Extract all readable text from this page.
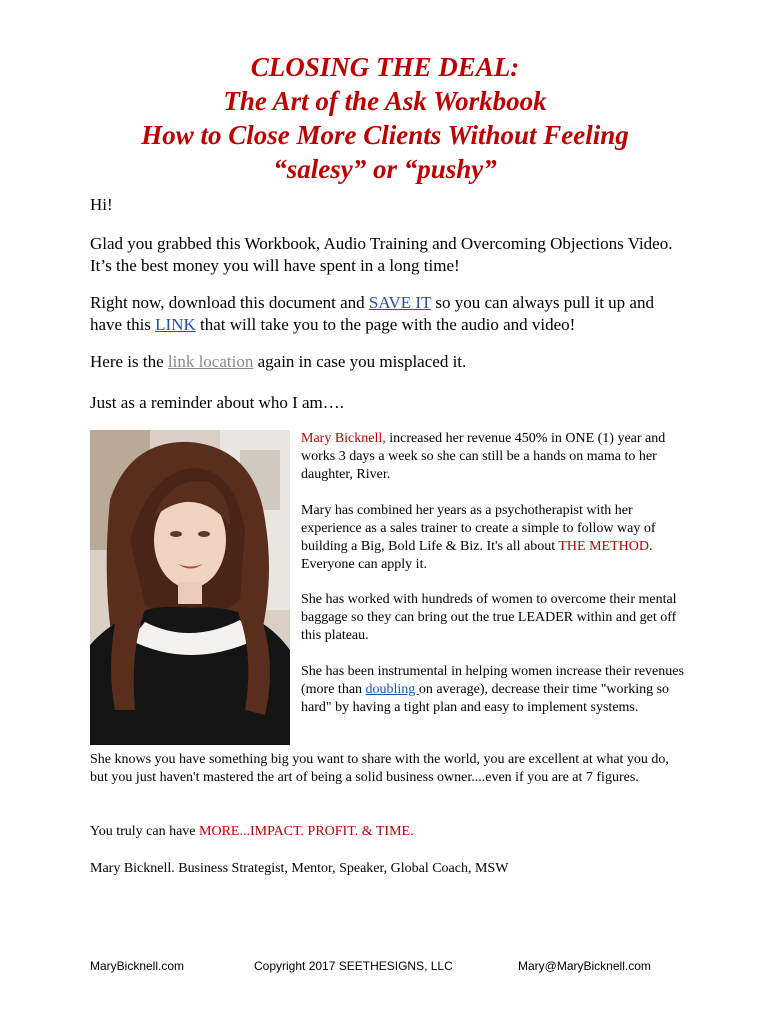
CLOSING THE DEAL:
The Art of the Ask Workbook
How to Close More Clients Without Feeling
“salesy” or “pushy”

Hi!

Glad you grabbed this Workbook, Audio Training and Overcoming Objections Video. It’s the best money you will have spent in a long time!

Right now, download this document and SAVE IT so you can always pull it up and have this LINK that will take you to the page with the audio and video!

Here is the link location again in case you misplaced it.

Just as a reminder about who I am….

Mary Bicknell, increased her revenue 450% in ONE (1) year and works 3 days a week so she can still be a hands on mama to her daughter, River.

Mary has combined her years as a psychotherapist with her experience as a sales trainer to create a simple to follow way of building a Big, Bold Life & Biz. It's all about THE METHOD. Everyone can apply it.

She has worked with hundreds of women to overcome their mental baggage so they can bring out the true LEADER within and get off this plateau.

She has been instrumental in helping women increase their revenues (more than doubling on average), decrease their time "working so hard" by having a tight plan and easy to implement systems.

She knows you have something big you want to share with the world, you are excellent at what you do, but you just haven't mastered the art of being a solid business owner....even if you are at 7 figures.

You truly can have MORE...IMPACT. PROFIT. & TIME.

Mary Bicknell. Business Strategist, Mentor, Speaker, Global Coach, MSW

MaryBicknell.com	Copyright 2017 SEETHESIGNS, LLC	Mary@MaryBicknell.com
